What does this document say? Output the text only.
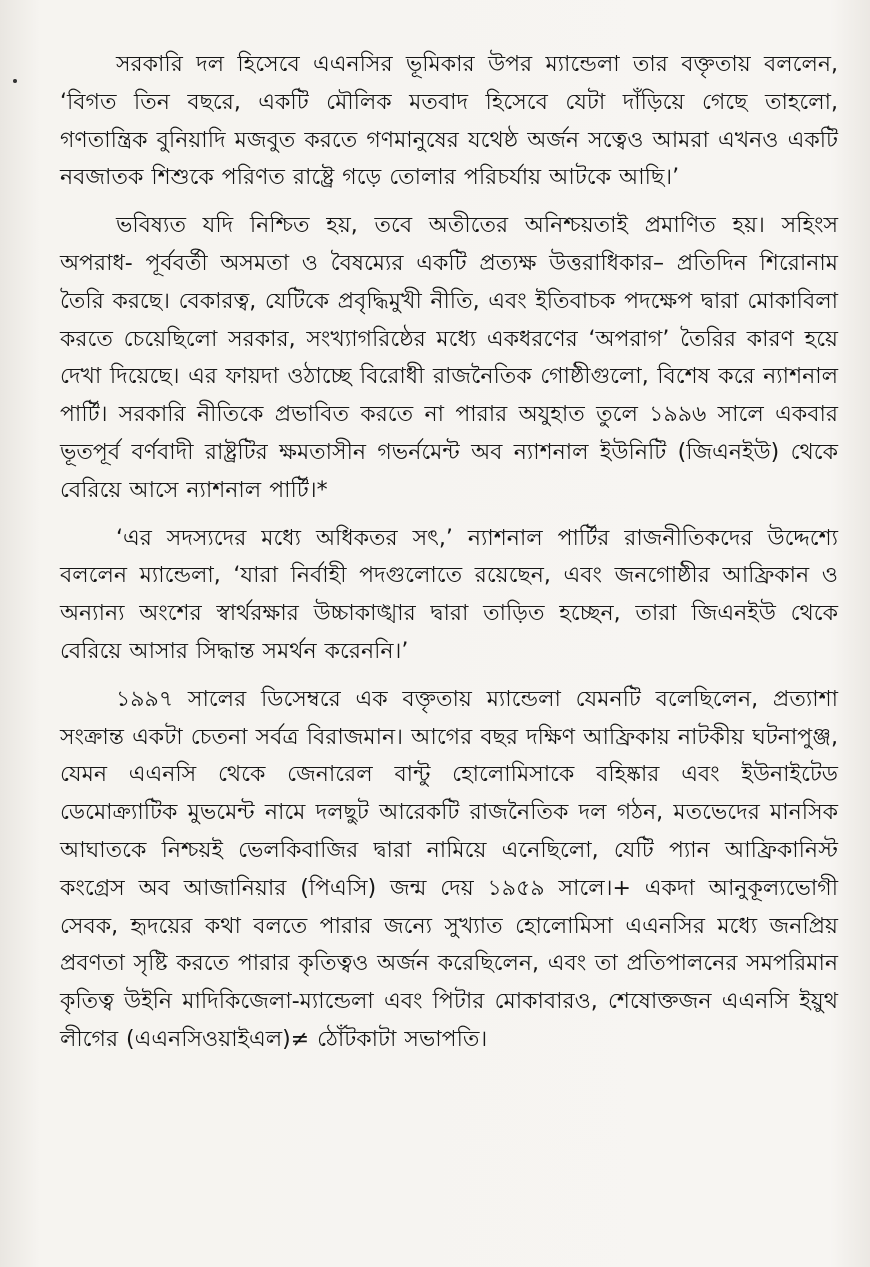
সরকারি দল হিসেবে এএনসির ভূমিকার উপর ম্যান্ডেলা তার বক্তৃতায় বললেন, ‘বিগত তিন বছরে, একটি মৌলিক মতবাদ হিসেবে যেটা দাঁড়িয়ে গেছে তাহলো, গণতান্ত্রিক বুনিয়াদি মজবুত করতে গণমানুষের যথেষ্ঠ অর্জন সত্বেও আমরা এখনও একটি নবজাতক শিশুকে পরিণত রাষ্ট্রে গড়ে তোলার পরিচর্যায় আটকে আছি।’

ভবিষ্যত যদি নিশ্চিত হয়, তবে অতীতের অনিশ্চয়তাই প্রমাণিত হয়। সহিংস অপরাধ- পূর্ববর্তী অসমতা ও বৈষম্যের একটি প্রত্যক্ষ উত্তরাধিকার– প্রতিদিন শিরোনাম তৈরি করছে। বেকারত্ব, যেটিকে প্রবৃদ্ধিমুখী নীতি, এবং ইতিবাচক পদক্ষেপ দ্বারা মোকাবিলা করতে চেয়েছিলো সরকার, সংখ্যাগরিষ্ঠের মধ্যে একধরণের ‘অপরাগ’ তৈরির কারণ হয়ে দেখা দিয়েছে। এর ফায়দা ওঠাচ্ছে বিরোধী রাজনৈতিক গোষ্ঠীগুলো, বিশেষ করে ন্যাশনাল পার্টি। সরকারি নীতিকে প্রভাবিত করতে না পারার অযুহাত তুলে ১৯৯৬ সালে একবার ভূতপূর্ব বর্ণবাদী রাষ্ট্রটির ক্ষমতাসীন গভর্নমেন্ট অব ন্যাশনাল ইউনিটি (জিএনইউ) থেকে বেরিয়ে আসে ন্যাশনাল পার্টি।*

‘এর সদস্যদের মধ্যে অধিকতর সৎ,’ ন্যাশনাল পার্টির রাজনীতিকদের উদ্দেশ্যে বললেন ম্যান্ডেলা, ‘যারা নির্বাহী পদগুলোতে রয়েছেন, এবং জনগোষ্ঠীর আফ্রিকান ও অন্যান্য অংশের স্বার্থরক্ষার উচ্চাকাঙ্খার দ্বারা তাড়িত হচ্ছেন, তারা জিএনইউ থেকে বেরিয়ে আসার সিদ্ধান্ত সমর্থন করেননি।’

১৯৯৭ সালের ডিসেম্বরে এক বক্তৃতায় ম্যান্ডেলা যেমনটি বলেছিলেন, প্রত্যাশা সংক্রান্ত একটা চেতনা সর্বত্র বিরাজমান। আগের বছর দক্ষিণ আফ্রিকায় নাটকীয় ঘটনাপুঞ্জ, যেমন এএনসি থেকে জেনারেল বান্টু হোলোমিসাকে বহিষ্কার এবং ইউনাইটেড ডেমোক্র্যাটিক মুভমেন্ট নামে দলছুট আরেকটি রাজনৈতিক দল গঠন, মতভেদের মানসিক আঘাতকে নিশ্চয়ই ভেলকিবাজির দ্বারা নামিয়ে এনেছিলো, যেটি প্যান আফ্রিকানিস্ট কংগ্রেস অব আজানিয়ার (পিএসি) জন্ম দেয় ১৯৫৯ সালে।+ একদা আনুকূল্যভোগী সেবক, হৃদয়ের কথা বলতে পারার জন্যে সুখ্যাত হোলোমিসা এএনসির মধ্যে জনপ্রিয় প্রবণতা সৃষ্টি করতে পারার কৃতিত্বও অর্জন করেছিলেন, এবং তা প্রতিপালনের সমপরিমান কৃতিত্ব উইনি মাদিকিজেলা-ম্যান্ডেলা এবং পিটার মোকাবারও, শেষোক্তজন এএনসি ইয়ুথ লীগের (এএনসিওয়াইএল)≠ ঠোঁটকাটা সভাপতি।
